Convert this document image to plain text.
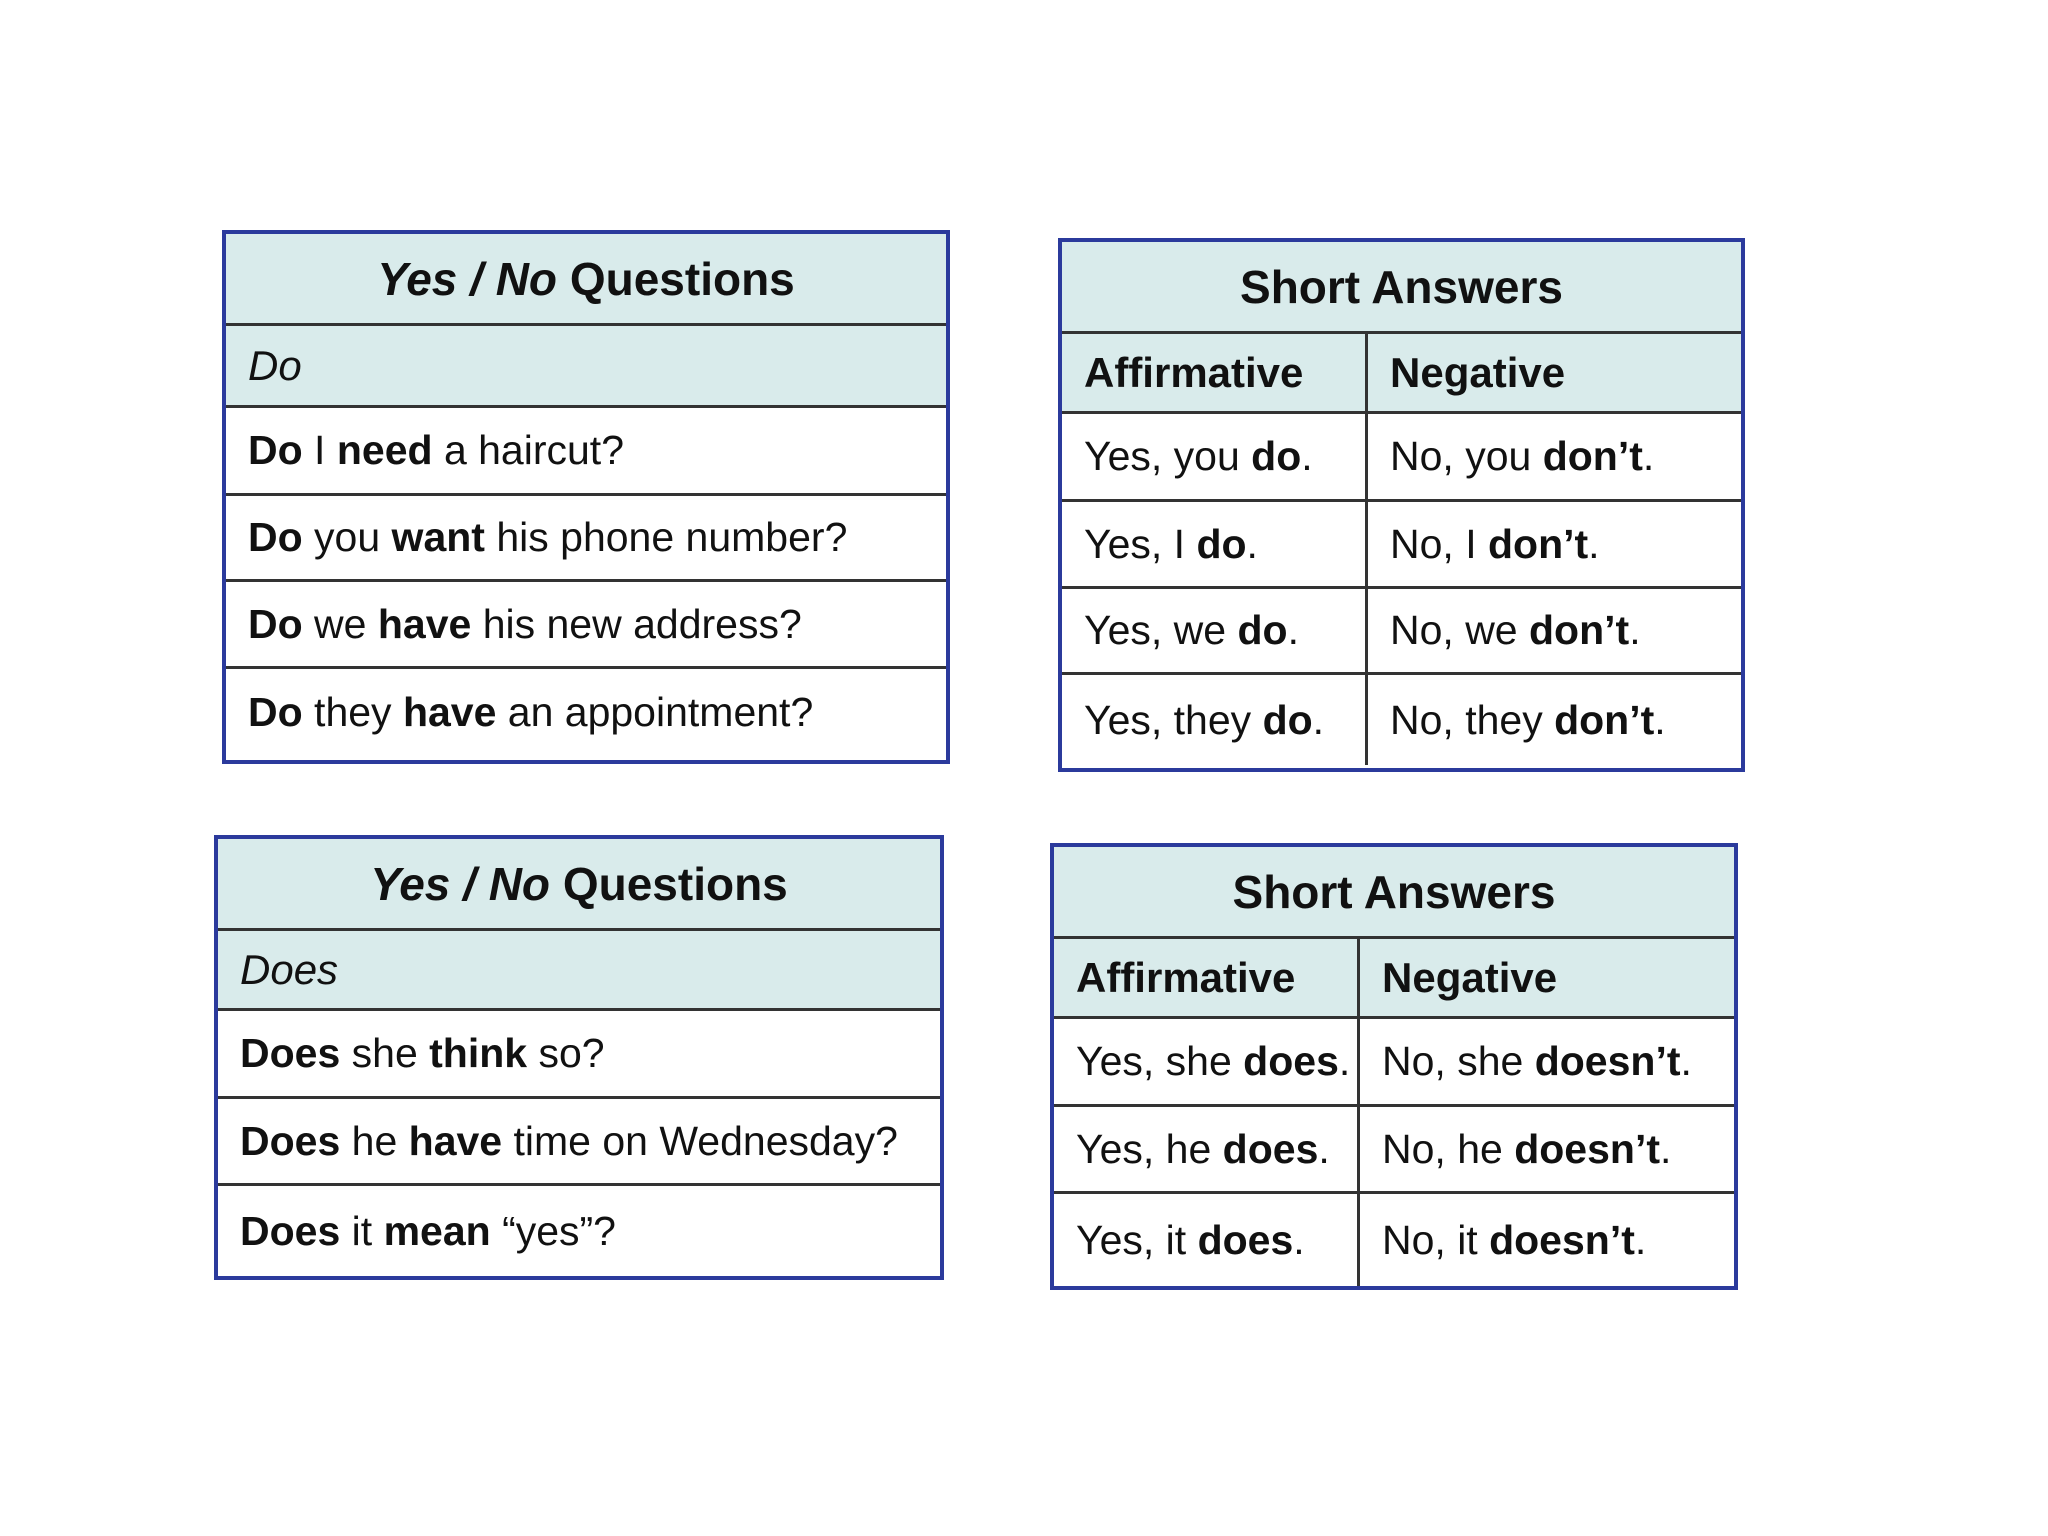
Yes / No Questions
Do
Do I need a haircut?
Do you want his phone number?
Do we have his new address?
Do they have an appointment?
Short Answers
Affirmative	Negative
Yes, you do . No, you don’t .
Yes, I do .	No, I don’t .
Yes, we do . No, we don’t .
Yes, they do . No, they don’t .
Yes / No Questions
Does
Does she think so?
Does he have time on Wednesday?
Does it mean “yes”?
Short Answers
Affirmative	Negative
Yes, she does . No, she doesn’t .
Yes, he does . No, he doesn’t .
Yes, it does . No, it doesn’t .
